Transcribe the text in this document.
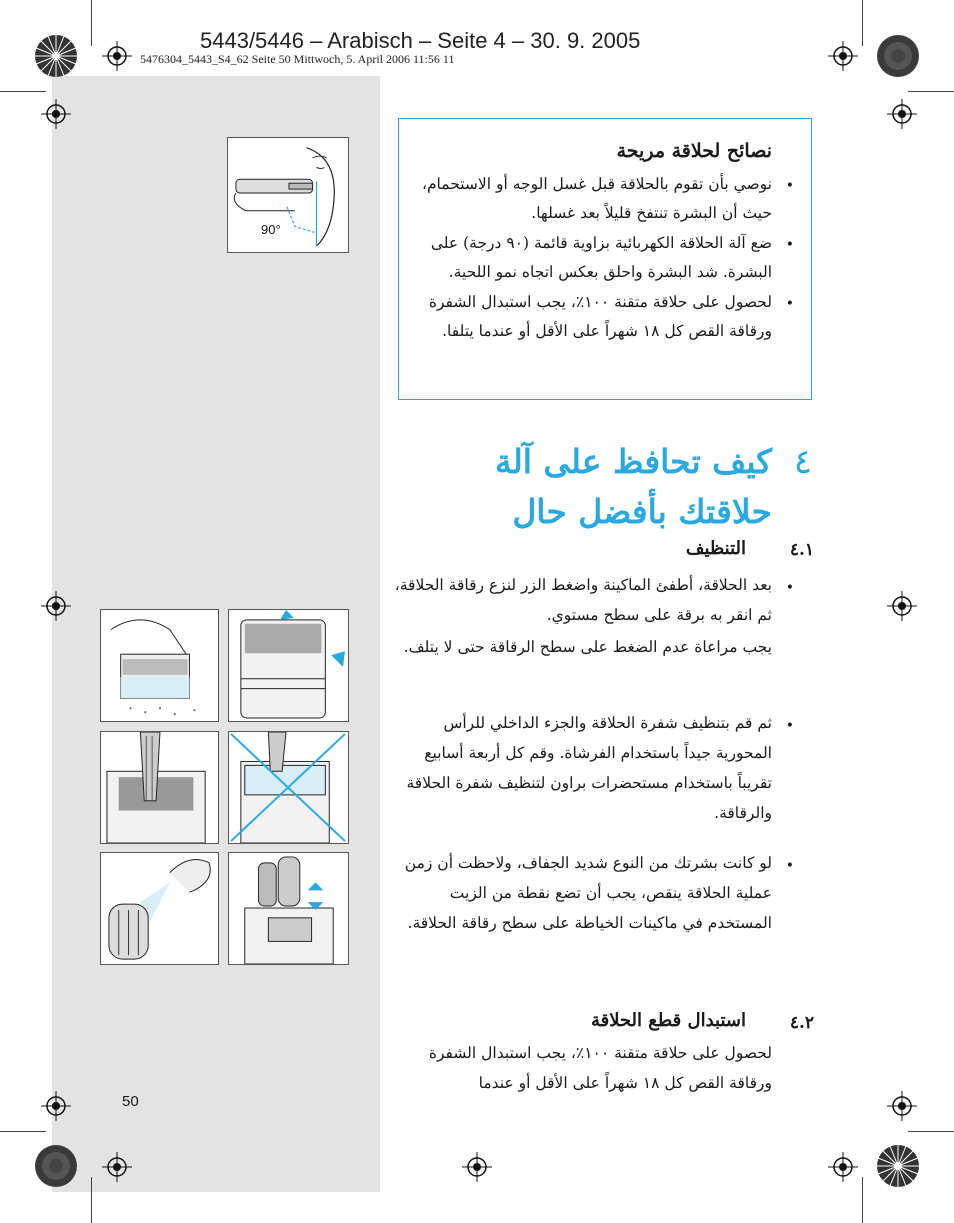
5443/5446 – Arabisch – Seite 4 – 30. 9. 2005
5476304_5443_S4_62 Seite 50 Mittwoch, 5. April 2006 11:56 11
90°
نصائح لحلاقة مريحة
•
نوصي بأن تقوم بالحلاقة قبل غسل الوجه أو الاستحمام، حيث أن البشرة تنتفخ قليلاً بعد غسلها.
•
ضع آلة الحلاقة الكهربائية بزاوية قائمة (٩٠ درجة) على البشرة. شد البشرة واحلق بعكس اتجاه نمو اللحية.
•
لحصول على حلاقة متقنة ١٠٠٪، يجب استبدال الشفرة ورقاقة القص كل ١٨ شهراً على الأقل أو عندما يتلفا.
٤
كيف تحافظ على آلة حلاقتك بأفضل حال
٤.١
التنظيف
•
بعد الحلاقة، أطفئ الماكينة واضغط الزر لنزع رقاقة الحلاقة، ثم انقر به برقة على سطح مستوي.
يجب مراعاة عدم الضغط على سطح الرقاقة حتى لا يتلف.
•
ثم قم بتنظيف شفرة الحلاقة والجزء الداخلي للرأس المحورية جيداً باستخدام الفرشاة. وقم كل أربعة أسابيع تقريباً باستخدام مستحضرات براون لتنظيف شفرة الحلاقة والرقاقة.
•
لو كانت بشرتك من النوع شديد الجفاف، ولاحظت أن زمن عملية الحلاقة ينقص، يجب أن تضع نقطة من الزيت المستخدم في ماكينات الخياطة على سطح رقاقة الحلاقة.
٤.٢
استبدال قطع الحلاقة
لحصول على حلاقة متقنة ١٠٠٪، يجب استبدال الشفرة ورقاقة القص كل ١٨ شهراً على الأقل أو عندما
50
